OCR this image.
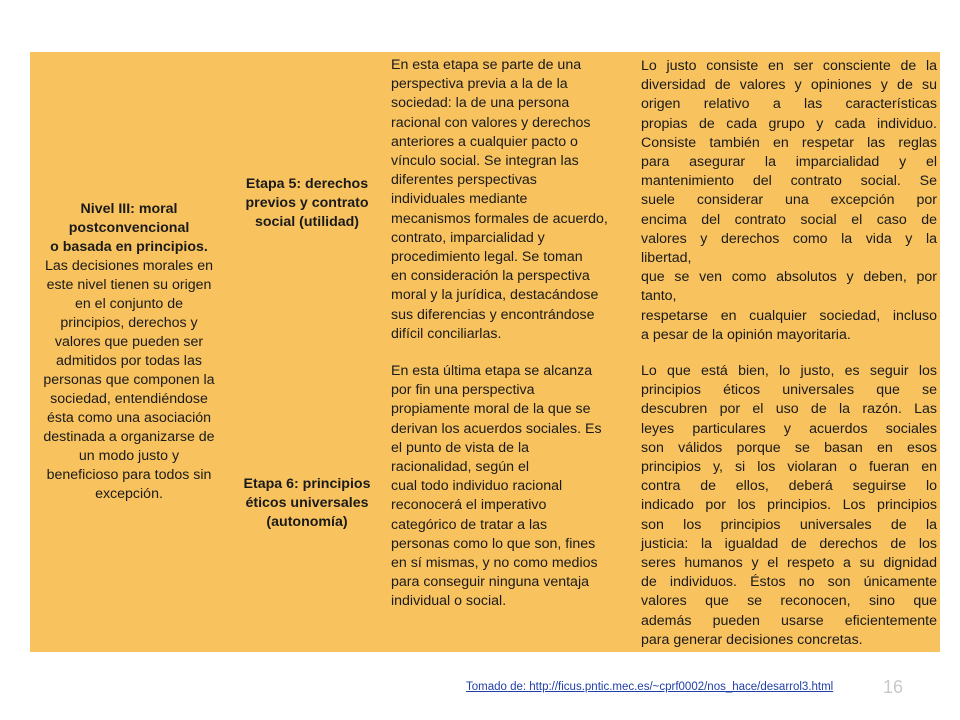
Nivel III: moral
postconvencional
o basada en principios.
Las decisiones morales en
este nivel tienen su origen
en el conjunto de
principios, derechos y
valores que pueden ser
admitidos por todas las
personas que componen la
sociedad, entendiéndose
ésta como una asociación
destinada a organizarse de
un modo justo y
beneficioso para todos sin
excepción.
Etapa 5: derechos
previos y contrato
social (utilidad)
En esta etapa se parte de una
perspectiva previa a la de la
sociedad: la de una persona
racional con valores y derechos
anteriores a cualquier pacto o
vínculo social. Se integran las
diferentes perspectivas
individuales mediante
mecanismos formales de acuerdo,
contrato, imparcialidad y
procedimiento legal. Se toman
en consideración la perspectiva
moral y la jurídica, destacándose
sus diferencias y encontrándose
difícil conciliarlas.
Lo justo consiste en ser consciente de la
diversidad de valores y opiniones y de su
origen relativo a las características
propias de cada grupo y cada individuo.
Consiste también en respetar las reglas
para asegurar la imparcialidad y el
mantenimiento del contrato social. Se
suele considerar una excepción por
encima del contrato social el caso de
valores y derechos como la vida y la
libertad,
que se ven como absolutos y deben, por
tanto,
respetarse en cualquier sociedad, incluso
a pesar de la opinión mayoritaria.
Etapa 6: principios
éticos universales
(autonomía)
En esta última etapa se alcanza
por fin una perspectiva
propiamente moral de la que se
derivan los acuerdos sociales. Es
el punto de vista de la
racionalidad, según el
cual todo individuo racional
reconocerá el imperativo
categórico de tratar a las
personas como lo que son, fines
en sí mismas, y no como medios
para conseguir ninguna ventaja
individual o social.
Lo que está bien, lo justo, es seguir los
principios éticos universales que se
descubren por el uso de la razón. Las
leyes particulares y acuerdos sociales
son válidos porque se basan en esos
principios y, si los violaran o fueran en
contra de ellos, deberá seguirse lo
indicado por los principios. Los principios
son los principios universales de la
justicia: la igualdad de derechos de los
seres humanos y el respeto a su dignidad
de individuos. Éstos no son únicamente
valores que se reconocen, sino que
además pueden usarse eficientemente
para generar decisiones concretas.
Tomado de: http://ficus.pntic.mec.es/~cprf0002/nos_hace/desarrol3.html	16
